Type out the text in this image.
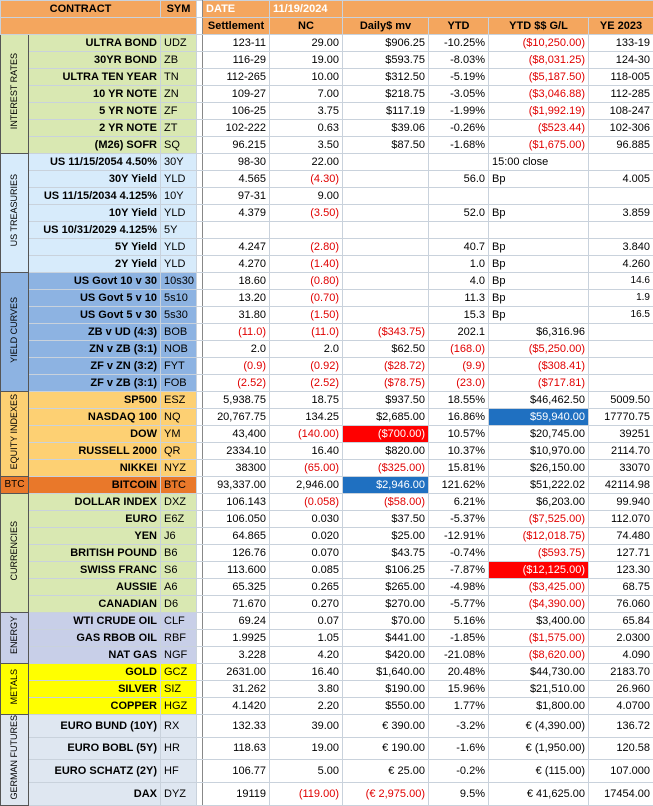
CONTRACT		SYM		DATE	11/19/2024				
				Settlement	NC	Daily$ mv	YTD	YTD $$ G/L	YE 2023
INTEREST RATES	ULTRA BOND	UDZ		123-11	29.00	$906.25	-10.25%	($10,250.00)	133-19
	30YR BOND	ZB		116-29	19.00	$593.75	-8.03%	($8,031.25)	124-30
	ULTRA TEN YEAR	TN		112-265	10.00	$312.50	-5.19%	($5,187.50)	118-005
	10 YR NOTE	ZN		109-27	7.00	$218.75	-3.05%	($3,046.88)	112-285
	5 YR NOTE	ZF		106-25	3.75	$117.19	-1.99%	($1,992.19)	108-247
	2 YR NOTE	ZT		102-222	0.63	$39.06	-0.26%	($523.44)	102-306
	(M26) SOFR	SQ		96.215	3.50	$87.50	-1.68%	($1,675.00)	96.885
US TREASURIES	US 11/15/2054 4.50%	30Y		98-30	22.00			15:00 close	
	30Y Yield	YLD		4.565	(4.30)		56.0	Bp	4.005
	US 11/15/2034 4.125%	10Y		97-31	9.00				
	10Y Yield	YLD		4.379	(3.50)		52.0	Bp	3.859
	US 10/31/2029 4.125%	5Y							
	5Y Yield	YLD		4.247	(2.80)		40.7	Bp	3.840
	2Y Yield	YLD		4.270	(1.40)		1.0	Bp	4.260
YIELD CURVES	US Govt 10 v 30	10s30		18.60	(0.80)		4.0	Bp	14.6
	US Govt 5 v 10	5s10		13.20	(0.70)		11.3	Bp	1.9
	US Govt 5 v 30	5s30		31.80	(1.50)		15.3	Bp	16.5
	ZB v UD (4:3)	BOB		(11.0)	(11.0)	($343.75)	202.1	$6,316.96	
	ZN v ZB (3:1)	NOB		2.0	2.0	$62.50	(168.0)	($5,250.00)	
	ZF v ZN (3:2)	FYT		(0.9)	(0.92)	($28.72)	(9.9)	($308.41)	
	ZF v ZB (3:1)	FOB		(2.52)	(2.52)	($78.75)	(23.0)	($717.81)	
EQUITY INDEXES	SP500	ESZ		5,938.75	18.75	$937.50	18.55%	$46,462.50	5009.50
	NASDAQ 100	NQ		20,767.75	134.25	$2,685.00	16.86%	$59,940.00	17770.75
	DOW	YM		43,400	(140.00)	($700.00)	10.57%	$20,745.00	39251
	RUSSELL 2000	QR		2334.10	16.40	$820.00	10.37%	$10,970.00	2114.70
	NIKKEI	NYZ		38300	(65.00)	($325.00)	15.81%	$26,150.00	33070
BTC	BITCOIN	BTC		93,337.00	2,946.00	$2,946.00	121.62%	$51,222.02	42114.98
CURRENCIES	DOLLAR INDEX	DXZ		106.143	(0.058)	($58.00)	6.21%	$6,203.00	99.940
	EURO	E6Z		106.050	0.030	$37.50	-5.37%	($7,525.00)	112.070
	YEN	J6		64.865	0.020	$25.00	-12.91%	($12,018.75)	74.480
	BRITISH POUND	B6		126.76	0.070	$43.75	-0.74%	($593.75)	127.71
	SWISS FRANC	S6		113.600	0.085	$106.25	-7.87%	($12,125.00)	123.30
	AUSSIE	A6		65.325	0.265	$265.00	-4.98%	($3,425.00)	68.75
	CANADIAN	D6		71.670	0.270	$270.00	-5.77%	($4,390.00)	76.060
ENERGY	WTI CRUDE OIL	CLF		69.24	0.07	$70.00	5.16%	$3,400.00	65.84
	GAS RBOB OIL	RBF		1.9925	1.05	$441.00	-1.85%	($1,575.00)	2.0300
	NAT GAS	NGF		3.228	4.20	$420.00	-21.08%	($8,620.00)	4.090
METALS	GOLD	GCZ		2631.00	16.40	$1,640.00	20.48%	$44,730.00	2183.70
	SILVER	SIZ		31.262	3.80	$190.00	15.96%	$21,510.00	26.960
	COPPER	HGZ		4.1420	2.20	$550.00	1.77%	$1,800.00	4.0700
GERMAN FUTURES	EURO BUND (10Y)	RX		132.33	39.00	€ 390.00	-3.2%	€ (4,390.00)	136.72
	EURO BOBL (5Y)	HR		118.63	19.00	€ 190.00	-1.6%	€ (1,950.00)	120.58
	EURO SCHATZ (2Y)	HF		106.77	5.00	€ 25.00	-0.2%	€ (115.00)	107.000
	DAX	DYZ		19119	(119.00)	(€ 2,975.00)	9.5%	€ 41,625.00	17454.00
